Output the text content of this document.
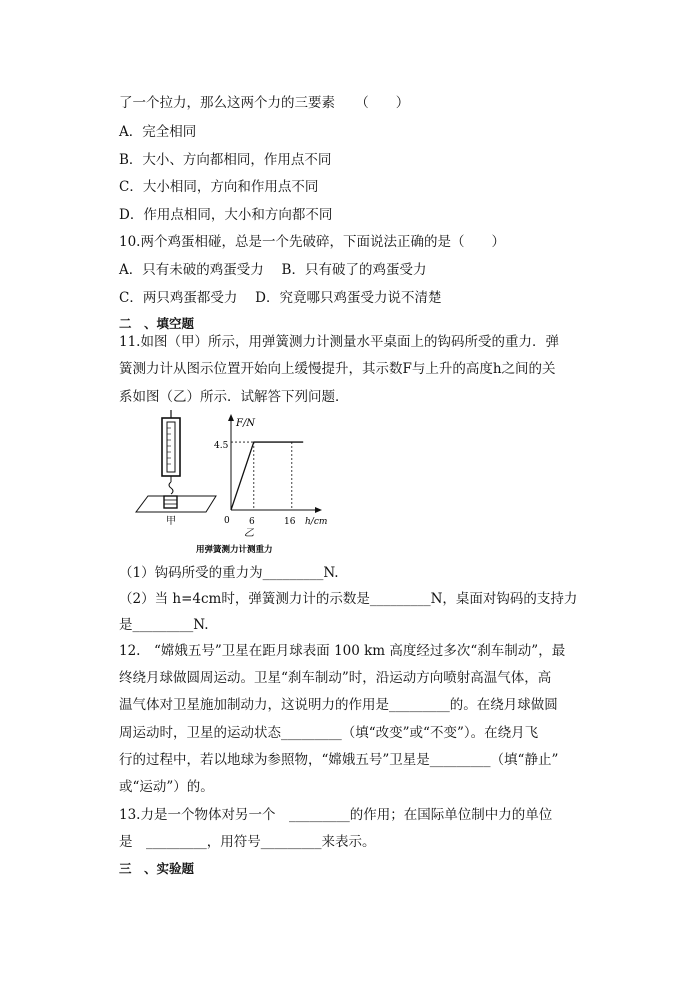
了一个拉力，那么这两个力的三要素　　（　　）
A．完全相同
B．大小、方向都相同，作用点不同
C．大小相同，方向和作用点不同
D．作用点相同，大小和方向都不同
10.两个鸡蛋相碰，总是一个先破碎，下面说法正确的是（　　）
A．只有未破的鸡蛋受力　 B．只有破了的鸡蛋受力
C．两只鸡蛋都受力　 D．究竟哪只鸡蛋受力说不清楚
二　、填空题
11.如图（甲）所示，用弹簧测力计测量水平桌面上的钩码所受的重力．弹
簧测力计从图示位置开始向上缓慢提升，其示数F与上升的高度h之间的关
系如图（乙）所示．试解答下列问题．
甲
F/N
h/cm
4.5
0 6	16
乙
用弹簧测力计测重力
（1）钩码所受的重力为_________N.
（2）当 h=4cm时，弹簧测力计的示数是_________N，桌面对钩码的支持力
是_________N.
12.　“嫦娥五号”卫星在距月球表面 100 km 高度经过多次“刹车制动”，最
终绕月球做圆周运动。卫星“刹车制动”时，沿运动方向喷射高温气体，高
温气体对卫星施加制动力，这说明力的作用是_________的。在绕月球做圆
周运动时，卫星的运动状态_________（填“改变”或“不变”）。在绕月飞
行的过程中，若以地球为参照物，“嫦娥五号”卫星是_________（填“静止”
或“运动”）的。
13.力是一个物体对另一个　_________的作用；在国际单位制中力的单位
是　_________，用符号_________来表示。
三　、实验题
